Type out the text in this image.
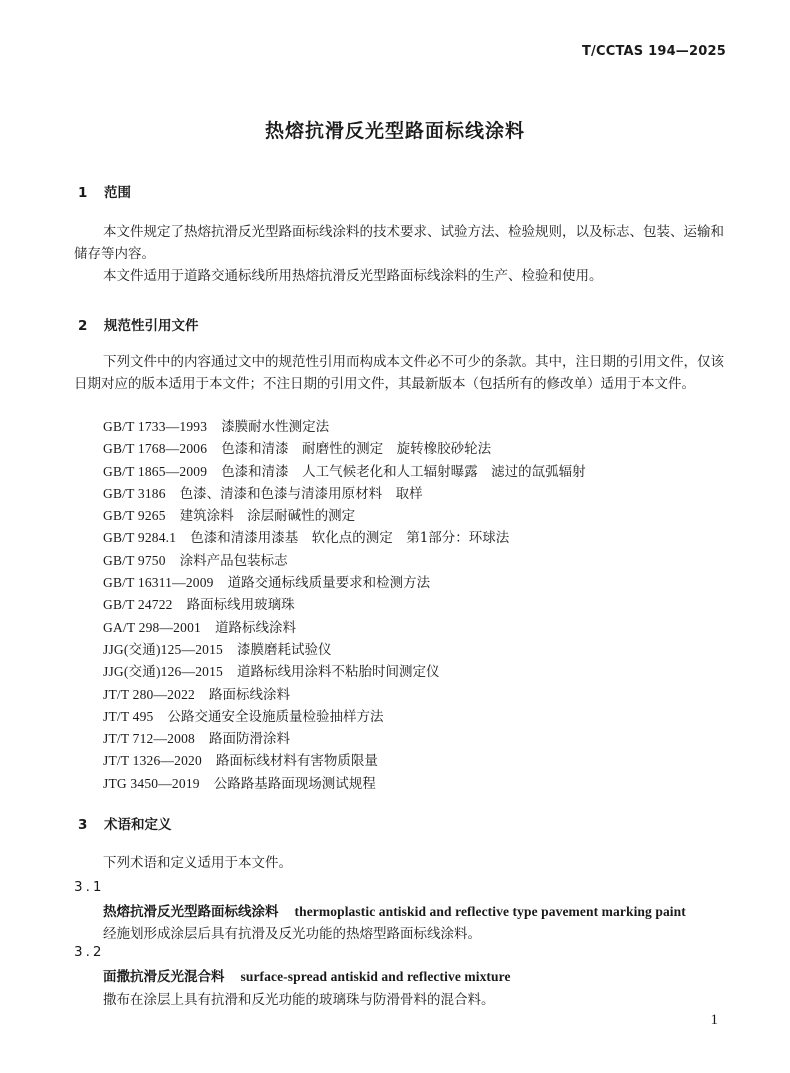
T/CCTAS 194—2025
热熔抗滑反光型路面标线涂料
1 范围
本文件规定了热熔抗滑反光型路面标线涂料的技术要求、试验方法、检验规则，以及标志、包装、运输和储存等内容。
本文件适用于道路交通标线所用热熔抗滑反光型路面标线涂料的生产、检验和使用。
2 规范性引用文件
下列文件中的内容通过文中的规范性引用而构成本文件必不可少的条款。其中，注日期的引用文件，仅该日期对应的版本适用于本文件；不注日期的引用文件，其最新版本（包括所有的修改单）适用于本文件。
GB/T 1733—1993 漆膜耐水性测定法
GB/T 1768—2006 色漆和清漆　耐磨性的测定　旋转橡胶砂轮法
GB/T 1865—2009 色漆和清漆　人工气候老化和人工辐射曝露　滤过的氙弧辐射
GB/T 3186 色漆、清漆和色漆与清漆用原材料　取样
GB/T 9265 建筑涂料　涂层耐碱性的测定
GB/T 9284.1 色漆和清漆用漆基　软化点的测定　第1部分：环球法
GB/T 9750 涂料产品包装标志
GB/T 16311—2009 道路交通标线质量要求和检测方法
GB/T 24722 路面标线用玻璃珠
GA/T 298—2001 道路标线涂料
JJG(交通)125—2015 漆膜磨耗试验仪
JJG(交通)126—2015 道路标线用涂料不粘胎时间测定仪
JT/T 280—2022 路面标线涂料
JT/T 495 公路交通安全设施质量检验抽样方法
JT/T 712—2008 路面防滑涂料
JT/T 1326—2020 路面标线材料有害物质限量
JTG 3450—2019 公路路基路面现场测试规程
3 术语和定义
下列术语和定义适用于本文件。
3.1
热熔抗滑反光型路面标线涂料 thermoplastic antiskid and reflective type pavement marking paint
经施划形成涂层后具有抗滑及反光功能的热熔型路面标线涂料。
3.2
面撒抗滑反光混合料 surface-spread antiskid and reflective mixture
撒布在涂层上具有抗滑和反光功能的玻璃珠与防滑骨料的混合料。
1
